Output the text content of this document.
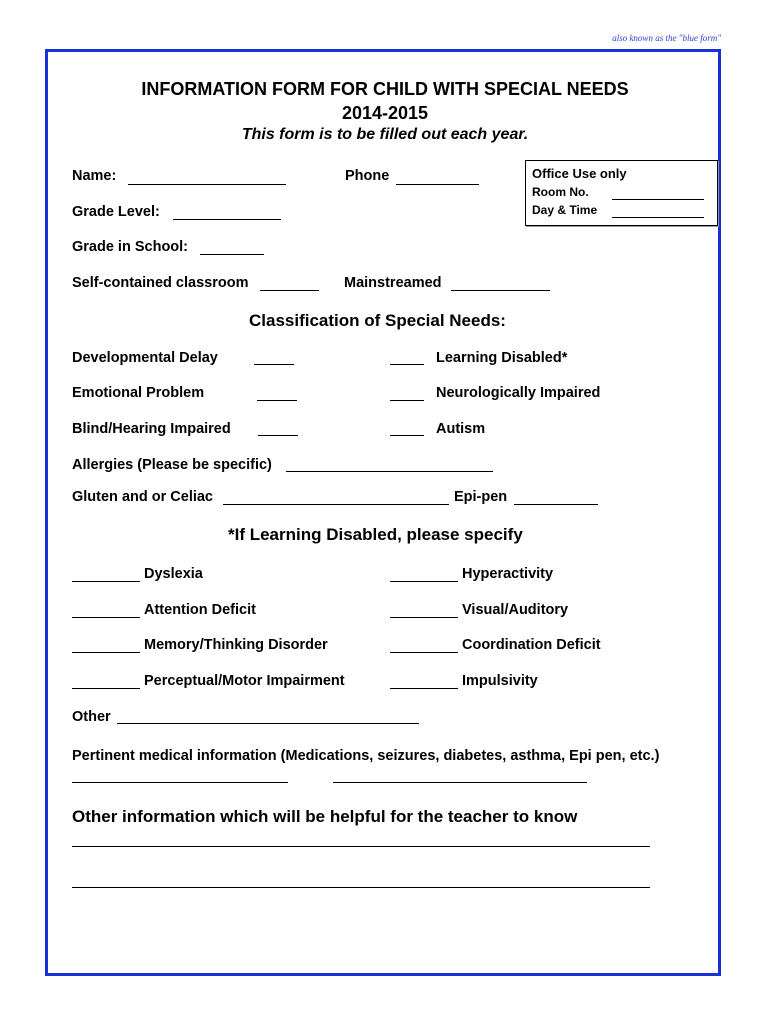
also known as the "blue form"
INFORMATION FORM FOR CHILD WITH SPECIAL NEEDS
2014-2015
This form is to be filled out each year.
Name:	Phone	Office Use only
Room No.
Day & Time
Grade Level:
Grade in School:
Self-contained classroom	Mainstreamed
Classification of Special Needs:
Developmental Delay	Learning Disabled*
Emotional Problem	Neurologically Impaired
Blind/Hearing Impaired	Autism
Allergies (Please be specific)
Gluten and or Celiac	Epi-pen
*If Learning Disabled, please specify
Dyslexia	Hyperactivity
Attention Deficit	Visual/Auditory
Memory/Thinking Disorder	Coordination Deficit
Perceptual/Motor Impairment	Impulsivity
Other
Pertinent medical information (Medications, seizures, diabetes, asthma, Epi pen, etc.)
Other information which will be helpful for the teacher to know
